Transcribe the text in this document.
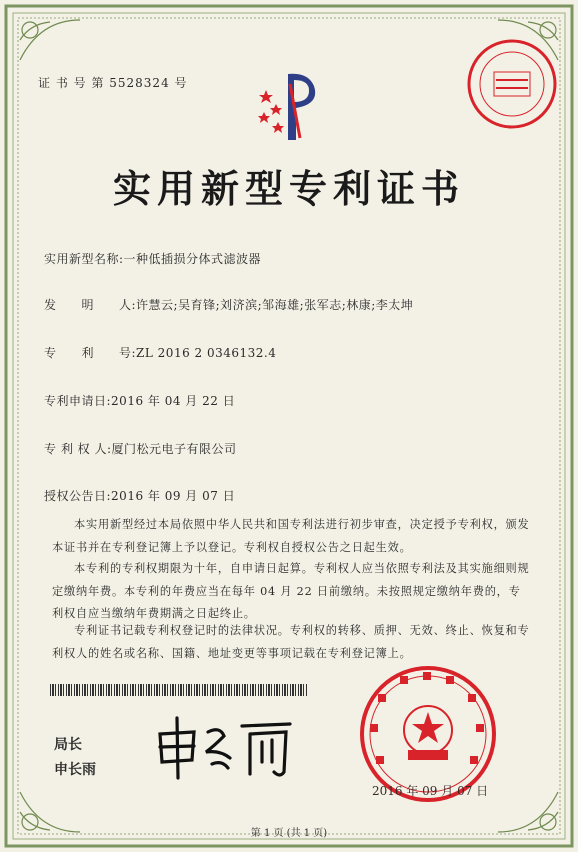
证 书 号 第 5528324 号
实用新型专利证书
实用新型名称:一种低插损分体式滤波器
发　　明　　人:许慧云;吴育锋;刘济滨;邹海雄;张军志;林康;李太坤
专　　利　　号:ZL 2016 2 0346132.4
专利申请日:2016 年 04 月 22 日
专 利 权 人:厦门松元电子有限公司
授权公告日:2016 年 09 月 07 日

本实用新型经过本局依照中华人民共和国专利法进行初步审查，决定授予专利权，颁发本证书并在专利登记簿上予以登记。专利权自授权公告之日起生效。

本专利的专利权期限为十年，自申请日起算。专利权人应当依照专利法及其实施细则规定缴纳年费。本专利的年费应当在每年 04 月 22 日前缴纳。未按照规定缴纳年费的，专利权自应当缴纳年费期满之日起终止。

专利证书记载专利权登记时的法律状况。专利权的转移、质押、无效、终止、恢复和专利权人的姓名或名称、国籍、地址变更等事项记载在专利登记簿上。

局长
申长雨
2016 年 09 月 07 日
第 1 页 (共 1 页)
